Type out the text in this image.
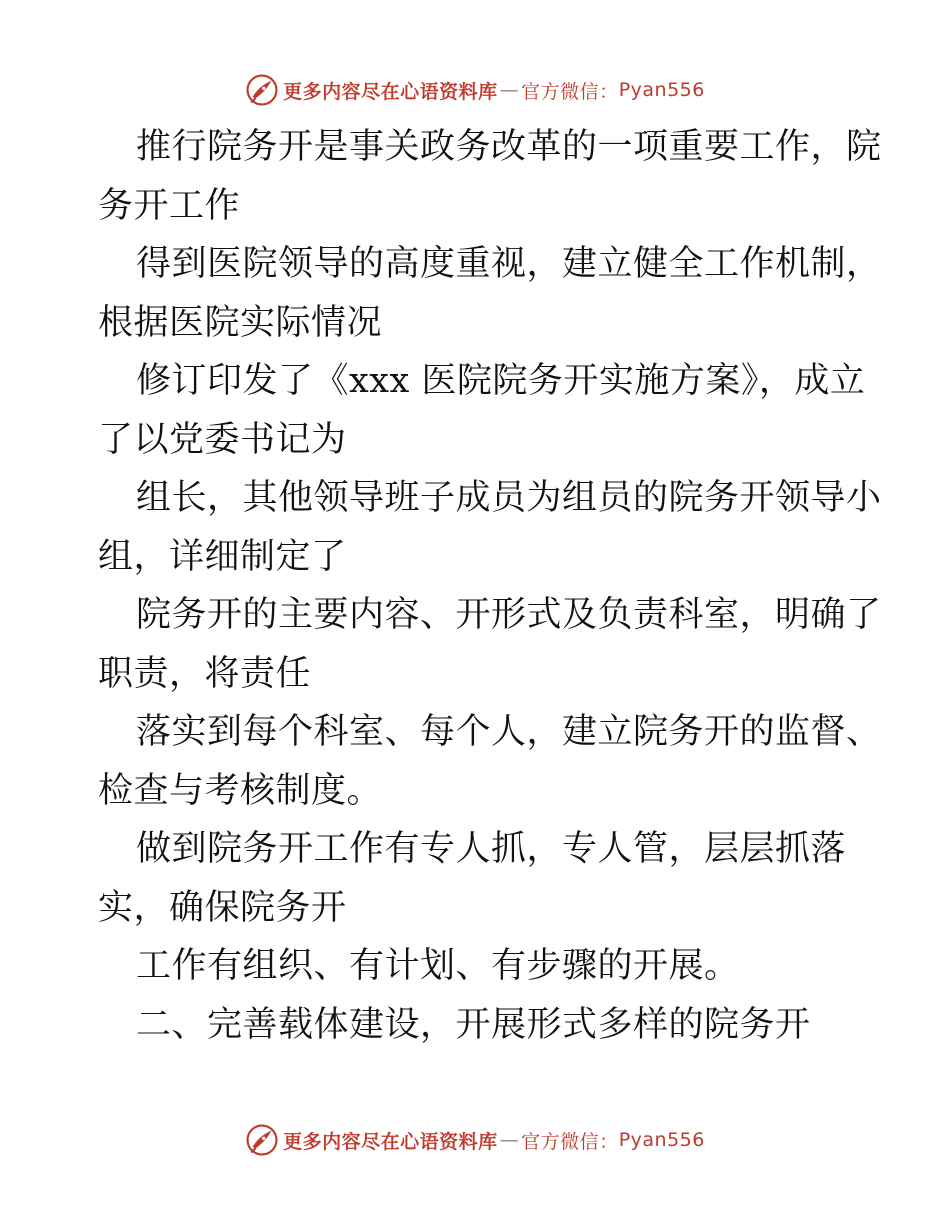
更多内容尽在心语资料库 — 官方微信： Pyan556
推行院务开是事关政务改革的一项重要工作，院
务开工作
得到医院领导的高度重视，建立健全工作机制，
根据医院实际情况
修订印发了《xxx 医院院务开实施方案》，成立
了以党委书记为
组长，其他领导班子成员为组员的院务开领导小
组，详细制定了
院务开的主要内容、开形式及负责科室，明确了
职责，将责任
落实到每个科室、每个人，建立院务开的监督、
检查与考核制度。
做到院务开工作有专人抓，专人管，层层抓落
实，确保院务开
工作有组织、有计划、有步骤的开展。
二、完善载体建设，开展形式多样的院务开
更多内容尽在心语资料库 — 官方微信： Pyan556
